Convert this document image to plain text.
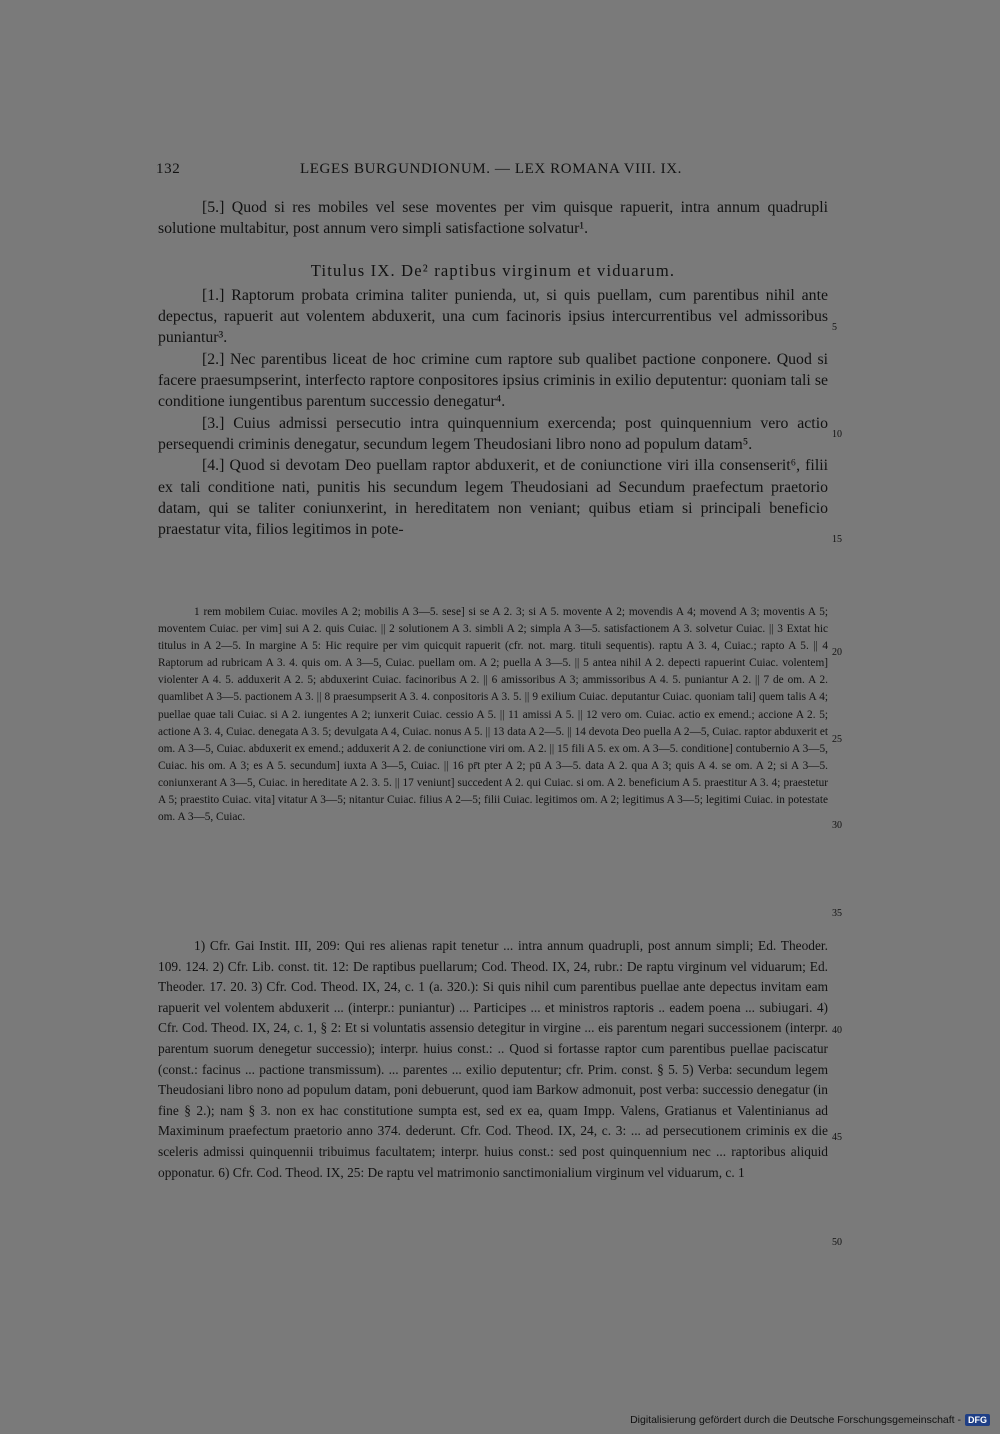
132	LEGES BURGUNDIONUM. — LEX ROMANA VIII. IX.

[5.] Quod si res mobiles vel sese moventes per vim quisque rapuerit, intra annum quadrupli solutione multabitur, post annum vero simpli satisfactione solvatur¹.

Titulus IX. De² raptibus virginum et viduarum.

[1.] Raptorum probata crimina taliter punienda, ut, si quis puellam, cum parentibus nihil ante depectus, rapuerit aut volentem abduxerit, una cum facinoris ipsius intercurrentibus vel admissoribus puniantur³.

[2.] Nec parentibus liceat de hoc crimine cum raptore sub qualibet pactione conponere. Quod si facere praesumpserint, interfecto raptore conpositores ipsius criminis in exilio deputentur: quoniam tali se conditione iungentibus parentum successio denegatur⁴.

[3.] Cuius admissi persecutio intra quinquennium exercenda; post quinquennium vero actio persequendi criminis denegatur, secundum legem Theudosiani libro nono ad populum datam⁵.

[4.] Quod si devotam Deo puellam raptor abduxerit, et de coniunctione viri illa consenserit⁶, filii ex tali conditione nati, punitis his secundum legem Theudosiani ad Secundum praefectum praetorio datam, qui se taliter coniunxerint, in hereditatem non veniant; quibus etiam si principali beneficio praestatur vita, filios legitimos in pote-

1 rem mobilem Cuiac. moviles A 2; mobilis A 3—5. sese] si se A 2. 3; si A 5. movente A 2; movendis A 4; movend A 3; moventis A 5; moventem Cuiac. per vim] sui A 2. quis Cuiac. || 2 solutionem A 3. simbli A 2; simpla A 3—5. satisfactionem A 3. solvetur Cuiac. || 3 Extat hic titulus in A 2—5. In margine A 5: Hic require per vim quicquit rapuerit (cfr. not. marg. tituli sequentis). raptu A 3. 4, Cuiac.; rapto A 5. || 4 Raptorum ad rubricam A 3. 4. quis om. A 3—5, Cuiac. puellam om. A 2; puella A 3—5. || 5 antea nihil A 2. depecti rapuerint Cuiac. volentem] violenter A 4. 5. adduxerit A 2. 5; abduxerint Cuiac. facinoribus A 2. || 6 amissoribus A 3; ammissoribus A 4. 5. puniantur A 2. || 7 de om. A 2. quamlibet A 3—5. pactionem A 3. || 8 praesumpserit A 3. 4. conpositoris A 3. 5. || 9 exilium Cuiac. deputantur Cuiac. quoniam tali] quem talis A 4; puellae quae tali Cuiac. si A 2. iungentes A 2; iunxerit Cuiac. cessio A 5. || 11 amissi A 5. || 12 vero om. Cuiac. actio ex emend.; accione A 2. 5; actione A 3. 4, Cuiac. denegata A 3. 5; devulgata A 4, Cuiac. nonus A 5. || 13 data A 2—5. || 14 devota Deo puella A 2—5, Cuiac. raptor abduxerit et om. A 3—5, Cuiac. abduxerit ex emend.; adduxerit A 2. de coniunctione viri om. A 2. || 15 fili A 5. ex om. A 3—5. conditione] contubernio A 3—5, Cuiac. his om. A 3; es A 5. secundum] iuxta A 3—5, Cuiac. || 16 pr̄t pter A 2; pū A 3—5. data A 2. qua A 3; quis A 4. se om. A 2; si A 3—5. coniunxerant A 3—5, Cuiac. in hereditate A 2. 3. 5. || 17 veniunt] succedent A 2. qui Cuiac. si om. A 2. beneficium A 5. praestitur A 3. 4; praestetur A 5; praestito Cuiac. vita] vitatur A 3—5; nitantur Cuiac. filius A 2—5; filii Cuiac. legitimos om. A 2; legitimus A 3—5; legitimi Cuiac. in potestate om. A 3—5, Cuiac.

1) Cfr. Gai Instit. III, 209: Qui res alienas rapit tenetur ... intra annum quadrupli, post annum simpli; Ed. Theoder. 109. 124. 2) Cfr. Lib. const. tit. 12: De raptibus puellarum; Cod. Theod. IX, 24, rubr.: De raptu virginum vel viduarum; Ed. Theoder. 17. 20. 3) Cfr. Cod. Theod. IX, 24, c. 1 (a. 320.): Si quis nihil cum parentibus puellae ante depectus invitam eam rapuerit vel volentem abduxerit ... (interpr.: puniantur) ... Participes ... et ministros raptoris .. eadem poena ... subiugari. 4) Cfr. Cod. Theod. IX, 24, c. 1, § 2: Et si voluntatis assensio detegitur in virgine ... eis parentum negari successionem (interpr. parentum suorum denegetur successio); interpr. huius const.: .. Quod si fortasse raptor cum parentibus puellae paciscatur (const.: facinus ... pactione transmissum). ... parentes ... exilio deputentur; cfr. Prim. const. § 5. 5) Verba: secundum legem Theudosiani libro nono ad populum datam, poni debuerunt, quod iam Barkow admonuit, post verba: successio denegatur (in fine § 2.); nam § 3. non ex hac constitutione sumpta est, sed ex ea, quam Impp. Valens, Gratianus et Valentinianus ad Maximinum praefectum praetorio anno 374. dederunt. Cfr. Cod. Theod. IX, 24, c. 3: ... ad persecutionem criminis ex die sceleris admissi quinquennii tribuimus facultatem; interpr. huius const.: sed post quinquennium nec ... raptoribus aliquid opponatur. 6) Cfr. Cod. Theod. IX, 25: De raptu vel matrimonio sanctimonialium virginum vel viduarum, c. 1

5
10
15
20
25
30
35
40
45
50
Digitalisierung gefördert durch die Deutsche Forschungsgemeinschaft - DFG
